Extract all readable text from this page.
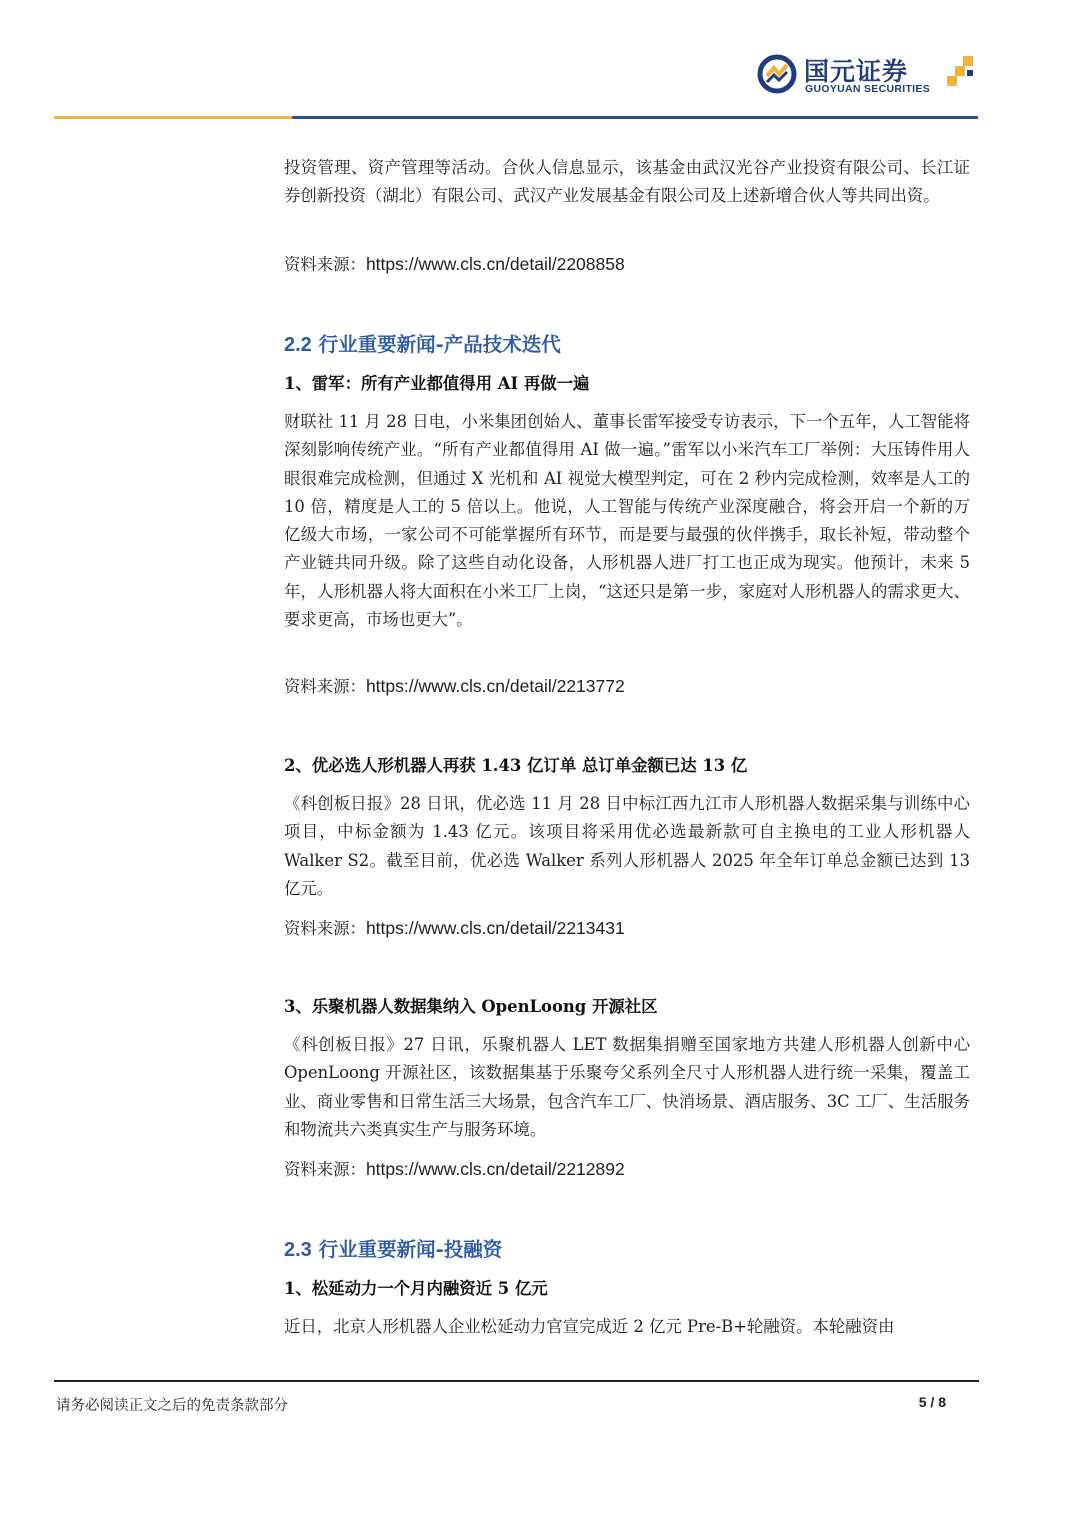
国元证券
GUOYUAN SECURITIES

投资管理、资产管理等活动。合伙人信息显示，该基金由武汉光谷产业投资有限公司、长江证券创新投资（湖北）有限公司、武汉产业发展基金有限公司及上述新增合伙人等共同出资。

资料来源：https://www.cls.cn/detail/2208858

2.2 行业重要新闻-产品技术迭代

1、雷军：所有产业都值得用 AI 再做一遍

财联社 11 月 28 日电，小米集团创始人、董事长雷军接受专访表示，下一个五年，人工智能将深刻影响传统产业。“所有产业都值得用 AI 做一遍。”雷军以小米汽车工厂举例：大压铸件用人眼很难完成检测，但通过 X 光机和 AI 视觉大模型判定，可在 2 秒内完成检测，效率是人工的 10 倍，精度是人工的 5 倍以上。他说，人工智能与传统产业深度融合，将会开启一个新的万亿级大市场，一家公司不可能掌握所有环节，而是要与最强的伙伴携手，取长补短，带动整个产业链共同升级。除了这些自动化设备，人形机器人进厂打工也正成为现实。他预计，未来 5 年，人形机器人将大面积在小米工厂上岗，“这还只是第一步，家庭对人形机器人的需求更大、要求更高，市场也更大”。

资料来源：https://www.cls.cn/detail/2213772

2、优必选人形机器人再获 1.43 亿订单 总订单金额已达 13 亿

《科创板日报》28 日讯，优必选 11 月 28 日中标江西九江市人形机器人数据采集与训练中心项目，中标金额为 1.43 亿元。该项目将采用优必选最新款可自主换电的工业人形机器人 Walker S2。截至目前，优必选 Walker 系列人形机器人 2025 年全年订单总金额已达到 13 亿元。

资料来源：https://www.cls.cn/detail/2213431

3、乐聚机器人数据集纳入 OpenLoong 开源社区

《科创板日报》27 日讯，乐聚机器人 LET 数据集捐赠至国家地方共建人形机器人创新中心 OpenLoong 开源社区，该数据集基于乐聚夸父系列全尺寸人形机器人进行统一采集，覆盖工业、商业零售和日常生活三大场景，包含汽车工厂、快消场景、酒店服务、3C 工厂、生活服务和物流共六类真实生产与服务环境。

资料来源：https://www.cls.cn/detail/2212892

2.3 行业重要新闻-投融资

1、松延动力一个月内融资近 5 亿元

近日，北京人形机器人企业松延动力官宣完成近 2 亿元 Pre-B+轮融资。本轮融资由

请务必阅读正文之后的免责条款部分	5 / 8
